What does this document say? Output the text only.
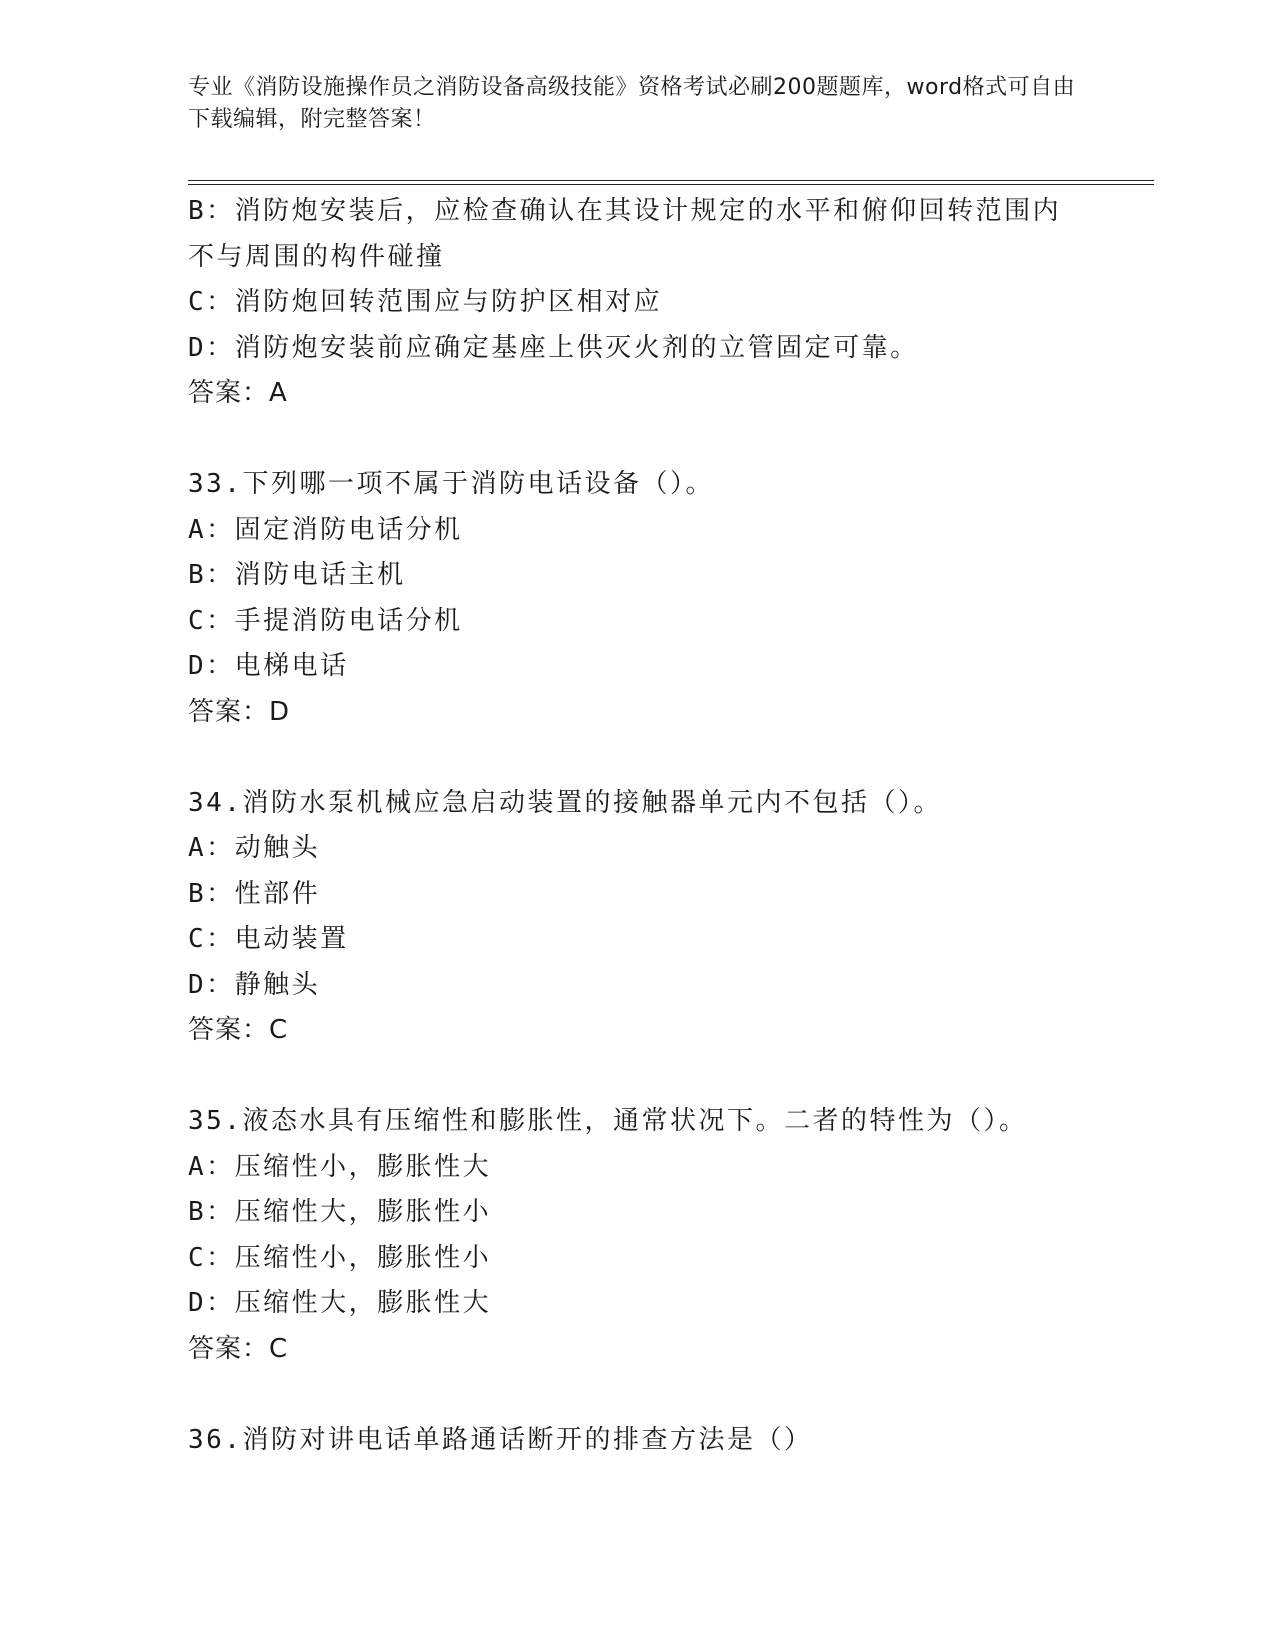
专业《消防设施操作员之消防设备高级技能》资格考试必刷200题题库，word格式可自由下载编辑，附完整答案！
B：消防炮安装后，应检查确认在其设计规定的水平和俯仰回转范围内不与周围的构件碰撞
C：消防炮回转范围应与防护区相对应
D：消防炮安装前应确定基座上供灭火剂的立管固定可靠。
答案：A
33.下列哪一项不属于消防电话设备（）。
A：固定消防电话分机
B：消防电话主机
C：手提消防电话分机
D：电梯电话
答案：D
34.消防水泵机械应急启动装置的接触器单元内不包括（）。
A：动触头
B：性部件
C：电动装置
D：静触头
答案：C
35.液态水具有压缩性和膨胀性，通常状况下。二者的特性为（）。
A：压缩性小，膨胀性大
B：压缩性大，膨胀性小
C：压缩性小，膨胀性小
D：压缩性大，膨胀性大
答案：C
36.消防对讲电话单路通话断开的排查方法是（）
